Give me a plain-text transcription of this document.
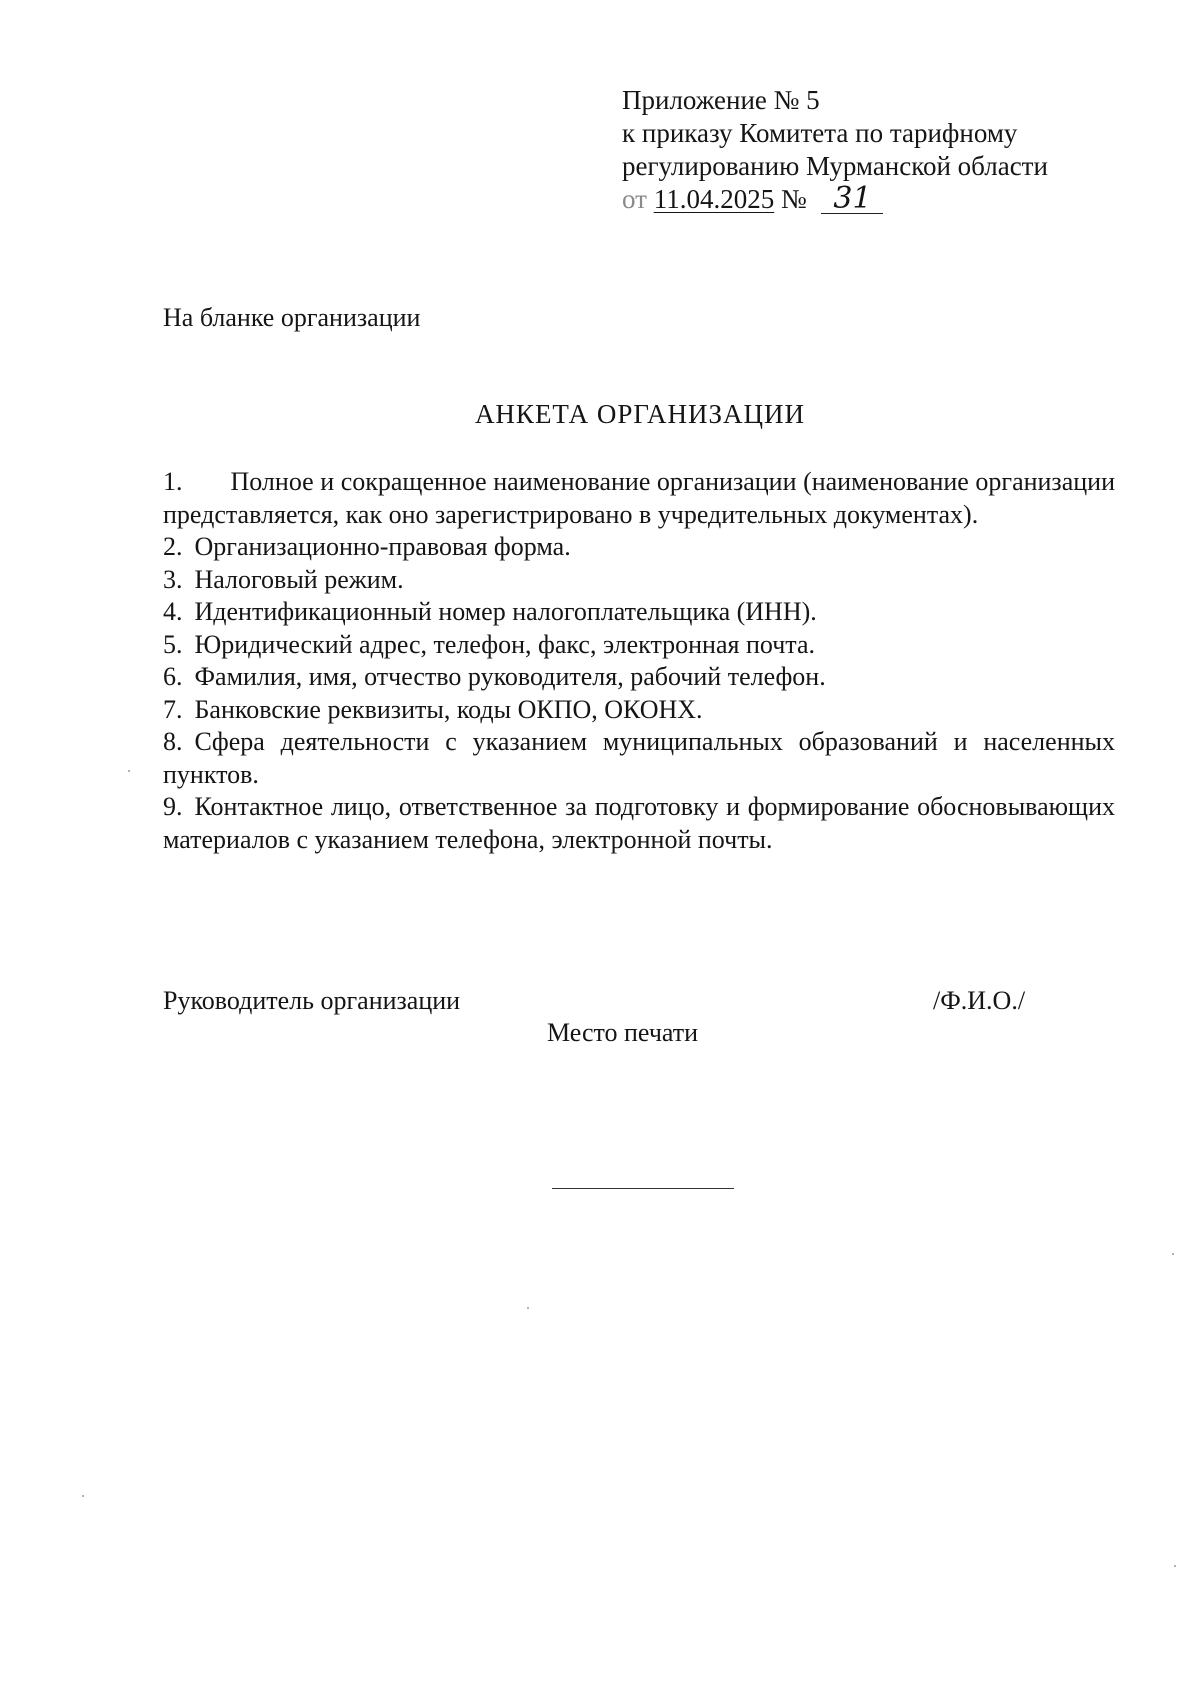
Приложение № 5
к приказу Комитета по тарифному
регулированию Мурманской области
от 11.04.2025 № 31
На бланке организации
АНКЕТА ОРГАНИЗАЦИИ

1. Полное и сокращенное наименование организации (наименование организации представляется, как оно зарегистрировано в учредительных документах).

2. Организационно-правовая форма.

3. Налоговый режим.

4. Идентификационный номер налогоплательщика (ИНН).

5. Юридический адрес, телефон, факс, электронная почта.

6. Фамилия, имя, отчество руководителя, рабочий телефон.

7. Банковские реквизиты, коды ОКПО, ОКОНХ.

8. Сфера деятельности с указанием муниципальных образований и населенных пунктов.

9. Контактное лицо, ответственное за подготовку и формирование обосновывающих материалов с указанием телефона, электронной почты.

Руководитель организации	/Ф.И.О./
Место печати
